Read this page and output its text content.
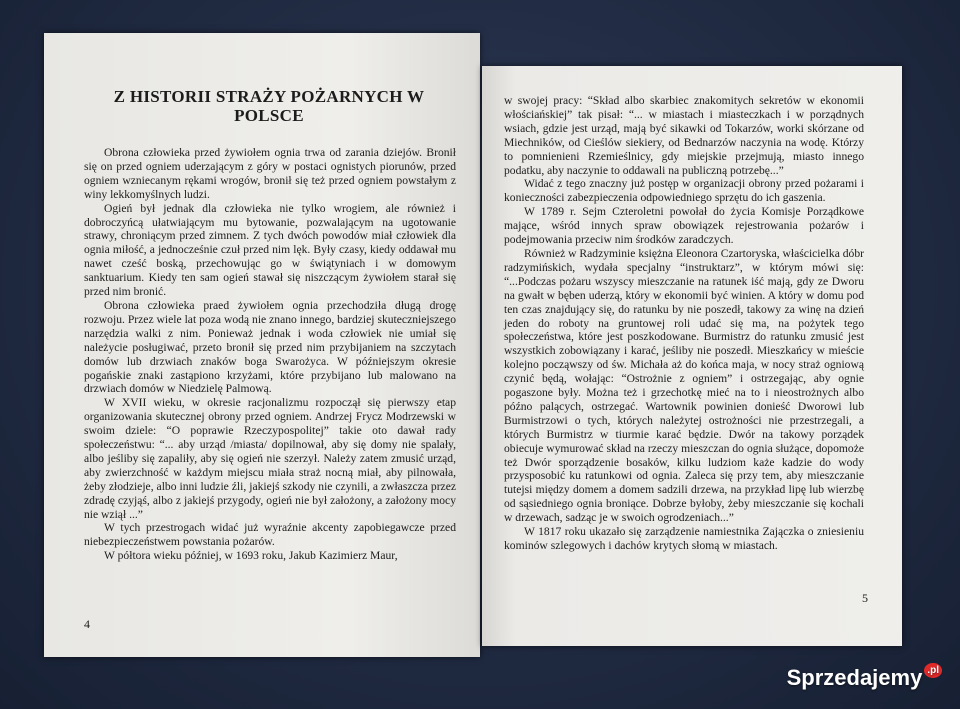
Z HISTORII STRAŻY POŻARNYCH W POLSCE

Obrona człowieka przed żywiołem ognia trwa od zarania dziejów. Bronił się on przed ogniem uderzającym z góry w postaci ognistych piorunów, przed ogniem wzniecanym rękami wrogów, bronił się też przed ogniem powstałym z winy lekkomyślnych ludzi.

Ogień był jednak dla człowieka nie tylko wrogiem, ale również i dobroczyńcą ułatwiającym mu bytowanie, pozwalającym na ugotowanie strawy, chroniącym przed zimnem. Z tych dwóch powodów miał człowiek dla ognia miłość, a jednocześnie czuł przed nim lęk. Były czasy, kiedy oddawał mu nawet cześć boską, przechowując go w świątyniach i w domowym sanktuarium. Kiedy ten sam ogień stawał się niszczącym żywiołem starał się przed nim bronić.

Obrona człowieka praed żywiołem ognia przechodziła długą drogę rozwoju. Przez wiele lat poza wodą nie znano innego, bardziej skuteczniejszego narzędzia walki z nim. Ponieważ jednak i woda człowiek nie umiał się należycie posługiwać, przeto bronił się przed nim przybijaniem na szczytach domów lub drzwiach znaków boga Swarożyca. W późniejszym okresie pogańskie znaki zastąpiono krzyżami, które przybijano lub malowano na drzwiach domów w Niedzielę Palmową.

W XVII wieku, w okresie racjonalizmu rozpoczął się pierwszy etap organizowania skutecznej obrony przed ogniem. Andrzej Frycz Modrzewski w swoim dziele: “O poprawie Rzeczypospolitej” takie oto dawał rady społeczeństwu: “... aby urząd /miasta/ dopilnował, aby się domy nie spalały, albo jeśliby się zapaliły, aby się ogień nie szerzył. Należy zatem zmusić urząd, aby zwierzchność w każdym miejscu miała straż nocną miał, aby pilnowała, żeby złodzieje, albo inni ludzie źli, jakiejś szkody nie czynili, a zwłaszcza przez zdradę czyjąś, albo z jakiejś przygody, ogień nie był założony, a założony mocy nie wziął ...”

W tych przestrogach widać już wyraźnie akcenty zapobiegawcze przed niebezpieczeństwem powstania pożarów.

W półtora wieku później, w 1693 roku, Jakub Kazimierz Maur,

4

w swojej pracy: “Skład albo skarbiec znakomitych sekretów w ekonomii włościańskiej” tak pisał: “... w miastach i miasteczkach i w porządnych wsiach, gdzie jest urząd, mają być sikawki od Tokarzów, worki skórzane od Miechników, od Cieślów siekiery, od Bednarzów naczynia na wodę. Którzy to pomnienieni Rzemieślnicy, gdy miejskie przejmują, miasto innego podatku, aby naczynie to oddawali na publiczną potrzebę...”

Widać z tego znaczny już postęp w organizacji obrony przed pożarami i konieczności zabezpieczenia odpowiedniego sprzętu do ich gaszenia.

W 1789 r. Sejm Czteroletni powołał do życia Komisje Porządkowe mające, wśród innych spraw obowiązek rejestrowania pożarów i podejmowania przeciw nim środków zaradczych.

Również w Radzyminie księżna Eleonora Czartoryska, właścicielka dóbr radzymińskich, wydała specjalny “instruktarz”, w którym mówi się: “...Podczas pożaru wszyscy mieszczanie na ratunek iść mają, gdy ze Dworu na gwałt w bęben uderzą, który w ekonomii być winien. A który w domu pod ten czas znajdujący się, do ratunku by nie poszedł, takowy za winę na dzień jeden do roboty na gruntowej roli udać się ma, na pożytek tego społeczeństwa, które jest poszkodowane. Burmistrz do ratunku zmusić jest wszystkich zobowiązany i karać, jeśliby nie poszedł. Mieszkańcy w mieście kolejno począwszy od św. Michała aż do końca maja, w nocy straż ogniową czynić będą, wołając: “Ostrożnie z ogniem” i ostrzegając, aby ognie pogaszone były. Można też i grzechotkę mieć na to i nieostrożnych albo późno palących, ostrzegać. Wartownik powinien donieść Dworowi lub Burmistrzowi o tych, których należytej ostrożności nie przestrzegali, a których Burmistrz w tiurmie karać będzie. Dwór na takowy porządek obiecuje wymurować skład na rzeczy mieszczan do ognia służące, dopomoże też Dwór sporządzenie bosaków, kilku ludziom każe kadzie do wody przysposobić ku ratunkowi od ognia. Zaleca się przy tem, aby mieszczanie tutejsi między domem a domem sadzili drzewa, na przykład lipę lub wierzbę od sąsiedniego ognia broniące. Dobrze byłoby, żeby mieszczanie się kochali w drzewach, sadząc je w swoich ogrodzeniach...”

W 1817 roku ukazało się zarządzenie namiestnika Zajączka o zniesieniu kominów szlegowych i dachów krytych słomą w miastach.

5
Sprzedajemy $^{.pl}$
